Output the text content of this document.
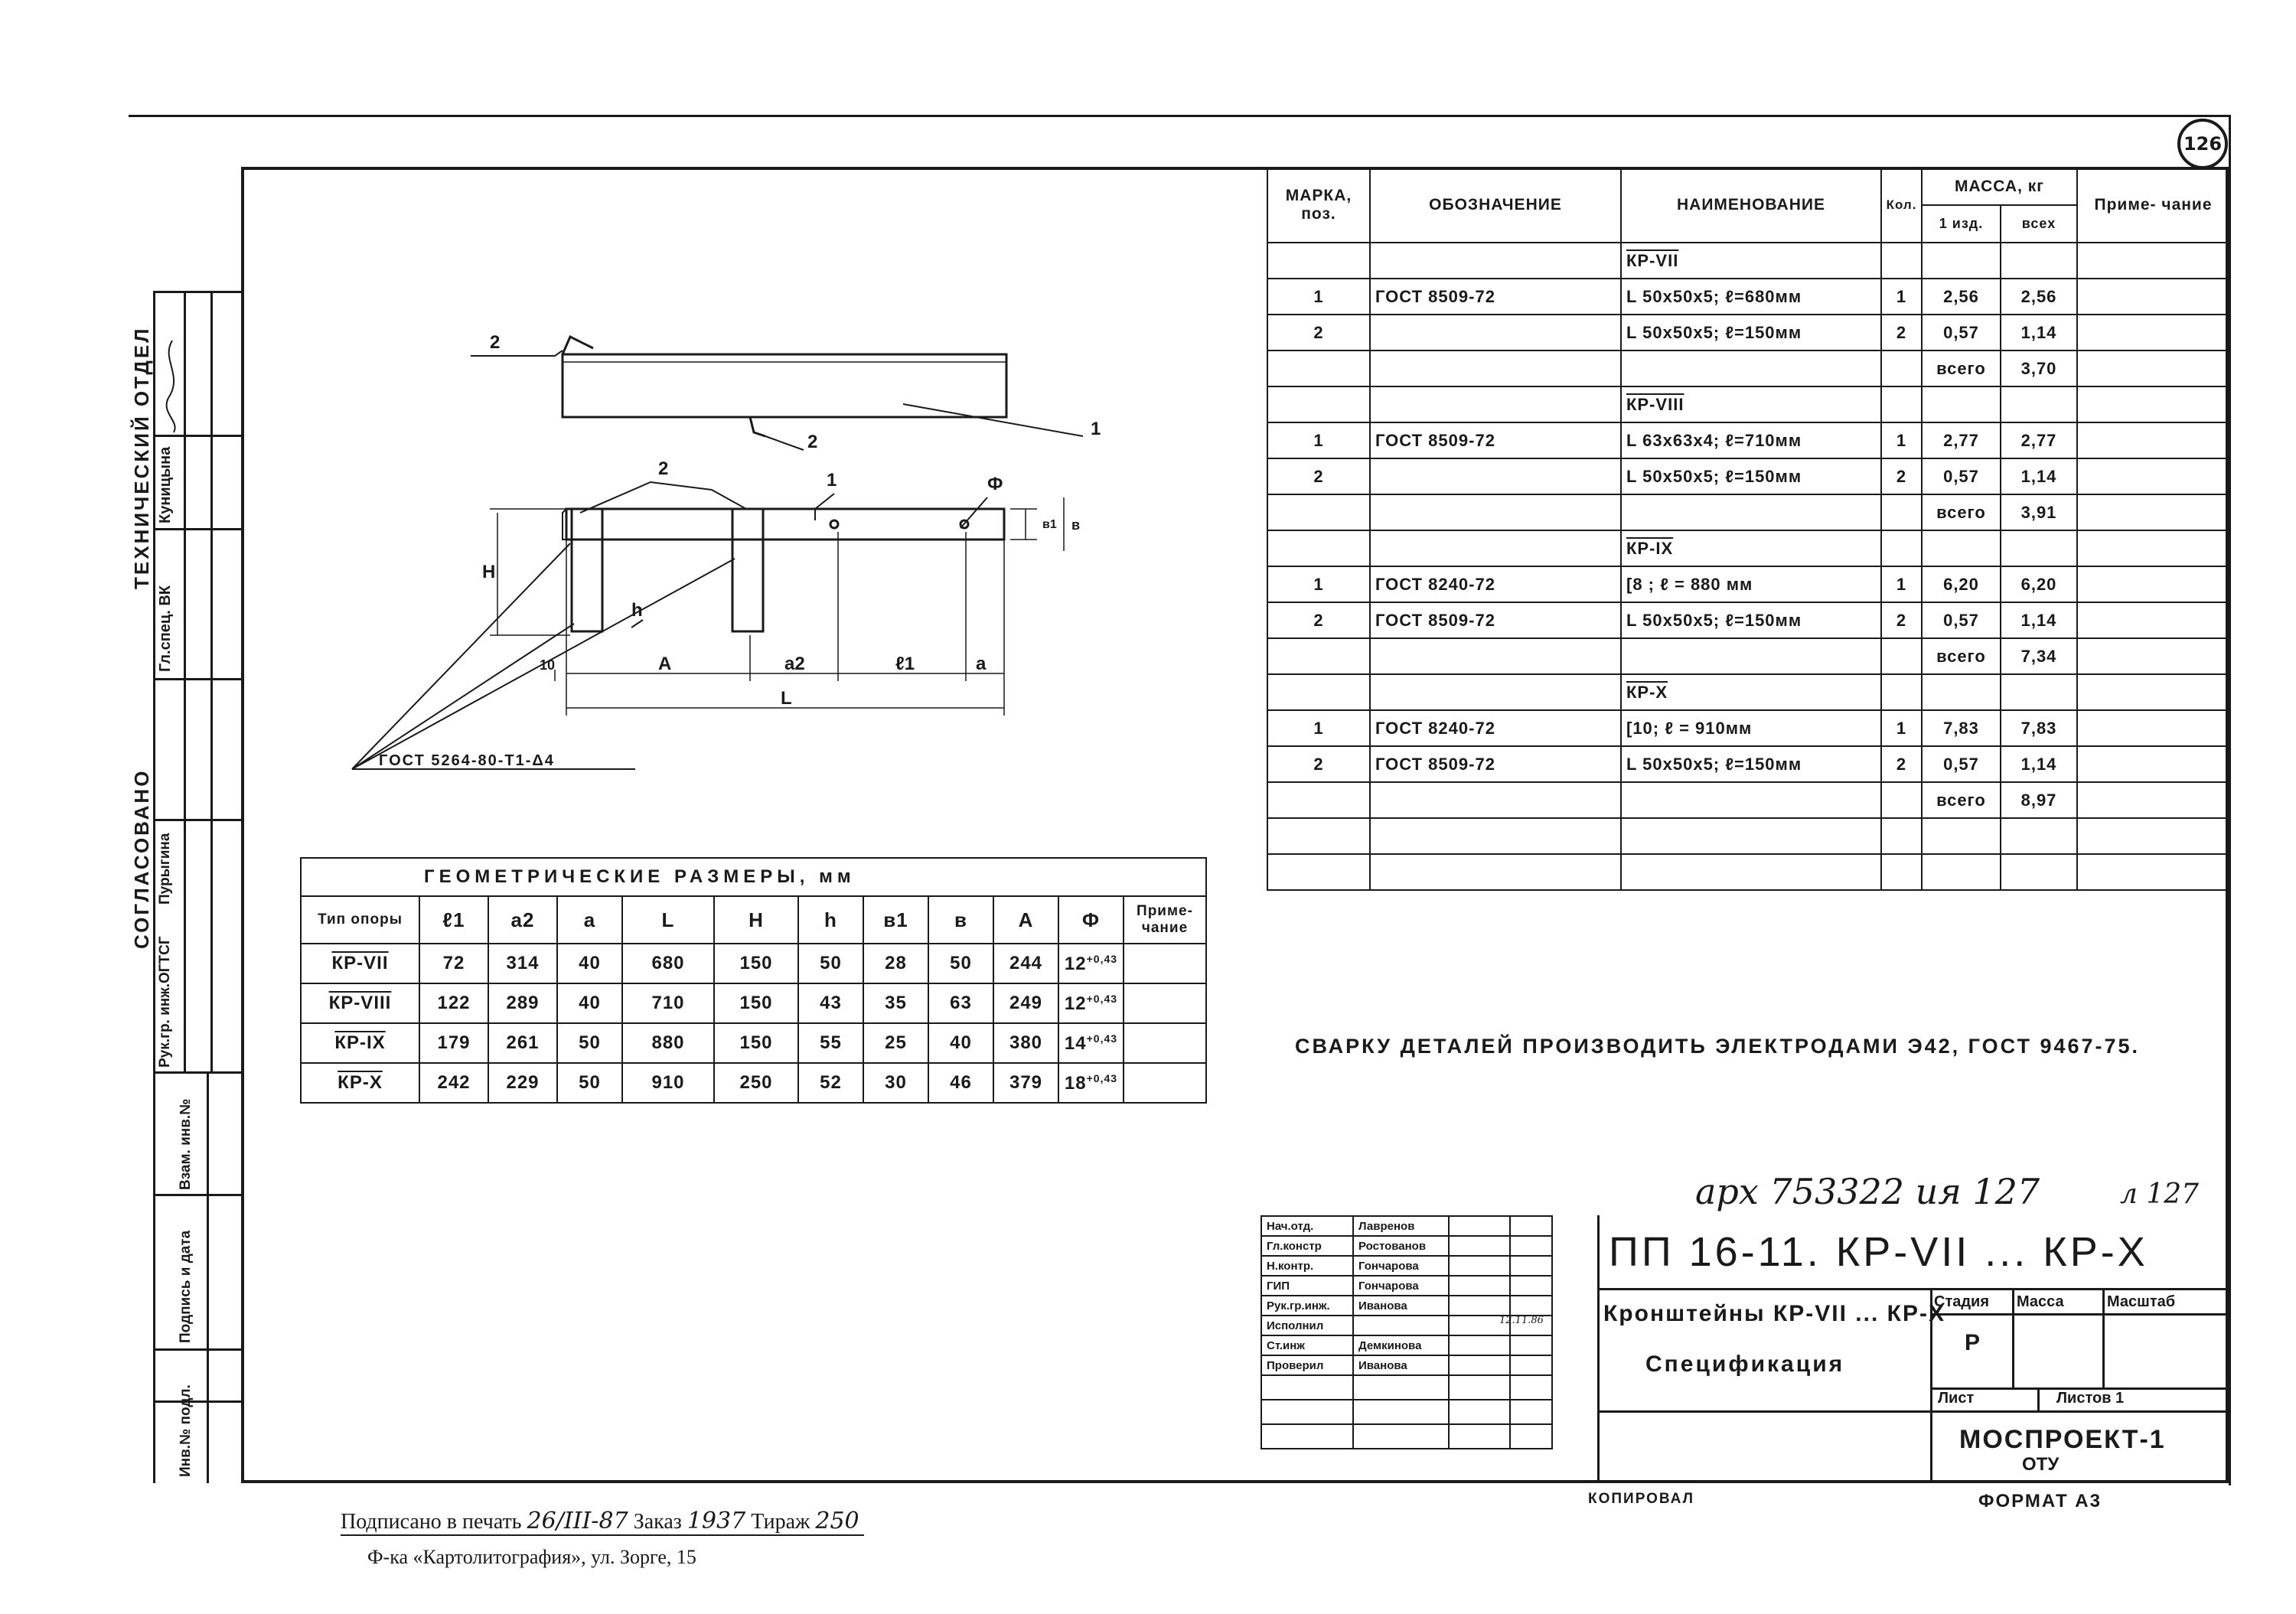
126
ТЕХНИЧЕСКИЙ ОТДЕЛ
Гл.спец. ВК
Куницына
СОГЛАСОВАНО
Рук.гр. инж.ОГТСГ
Пурыгина
Взам. инв.№
Подпись и дата
Инв.№ подл.
2
2
1
2
1	Ф
Н
h
10	А	а2	ℓ1	а
L
в
в1
ГОСТ 5264-80-Т1-Δ4
МАРКА, поз.	ОБОЗНАЧЕНИЕ	НАИМЕНОВАНИЕ	Кол.	МАССА, кг		Приме- чание
				1 изд.	всех	
		КР-VII				
1	ГОСТ 8509-72	L 50х50х5; ℓ=680мм	1	2,56	2,56	
2		L 50х50х5; ℓ=150мм	2	0,57	1,14	
				всего	3,70	
		КР-VIII				
1	ГОСТ 8509-72	L 63х63х4; ℓ=710мм	1	2,77	2,77	
2		L 50х50х5; ℓ=150мм	2	0,57	1,14	
				всего	3,91	
		КР-IX				
1	ГОСТ 8240-72	[8 ; ℓ = 880 мм	1	6,20	6,20	
2	ГОСТ 8509-72	L 50х50х5; ℓ=150мм	2	0,57	1,14	
				всего	7,34	
		КР-X				
1	ГОСТ 8240-72	[10; ℓ = 910мм	1	7,83	7,83	
2	ГОСТ 8509-72	L 50х50х5; ℓ=150мм	2	0,57	1,14	
				всего	8,97	

ГЕОМЕТРИЧЕСКИЕ РАЗМЕРЫ, мм											
Тип опоры	ℓ1	а2	а	L	Н	h	в1	в	А	Ф	Приме- чание
КР-VII	72	314	40	680	150	50	28	50	244	$12^{+0,43}$	
КР-VIII	122	289	40	710	150	43	35	63	249	$12^{+0,43}$	
КР-IX	179	261	50	880	150	55	25	40	380	$14^{+0,43}$	
КР-X	242	229	50	910	250	52	30	46	379	$18^{+0,43}$	
СВАРКУ ДЕТАЛЕЙ ПРОИЗВОДИТЬ ЭЛЕКТРОДАМИ Э42, ГОСТ 9467-75.
арх 753322 ия 127	л 127
Нач.отд.	Лавренов		
Гл.констр	Ростованов		
Н.контр.	Гончарова		
ГИП	Гончарова		
Рук.гр.инж.	Иванова		
Исполнил			
Ст.инж	Демкинова		
Проверил	Иванова		

Стадия Масса	Масштаб
Р
Лист	Листов 1
12.11.86
ПП 16-11. КР-VII ... КР-X
Кронштейны КР-VII ... КР-X
Спецификация
МОСПРОЕКТ-1
ОТУ
КОПИРОВАЛ	ФОРМАТ А3
Подписано в печать 26/III-87 Заказ 1937 Тираж 250
Ф-ка «Картолитография», ул. Зорге, 15
